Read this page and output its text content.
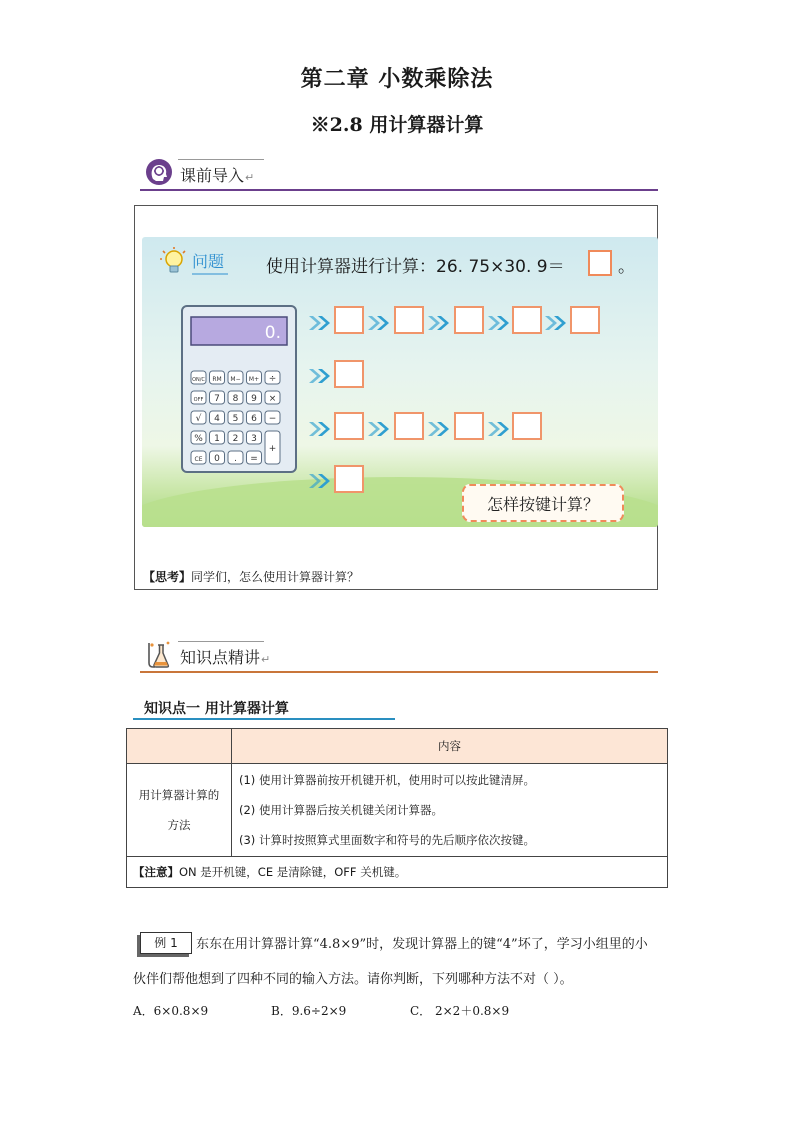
第二章 小数乘除法
※2.8 用计算器计算
课前导入↵
问题 使用计算器进行计算：26. 75×30. 9＝	。
0.
ON/C RM M− M+ ÷
OFF 7 8 9 ×
√ 4 5 6 −
% 1 2 3
+
CE 0 . =
怎样按键计算？
【思考】同学们，怎么使用计算器计算？
知识点精讲↵
知识点一 用计算器计算
	内容

用计算器计算的方法	(1) 使用计算器前按开机键开机，使用时可以按此键清屏。

(2) 使用计算器后按关机键关闭计算器。

(3) 计算时按照算式里面数字和符号的先后顺序依次按键。

【注意】ON 是开机键，CE 是清除键，OFF 关机键。	
例 1	东东在用计算器计算“4.8×9”时，发现计算器上的键“4”坏了，学习小组里的小
伙伴们帮他想到了四种不同的输入方法。请你判断，下列哪种方法不对（ ）。
A．6×0.8×9	B．9.6÷2×9	C． 2×2＋0.8×9
